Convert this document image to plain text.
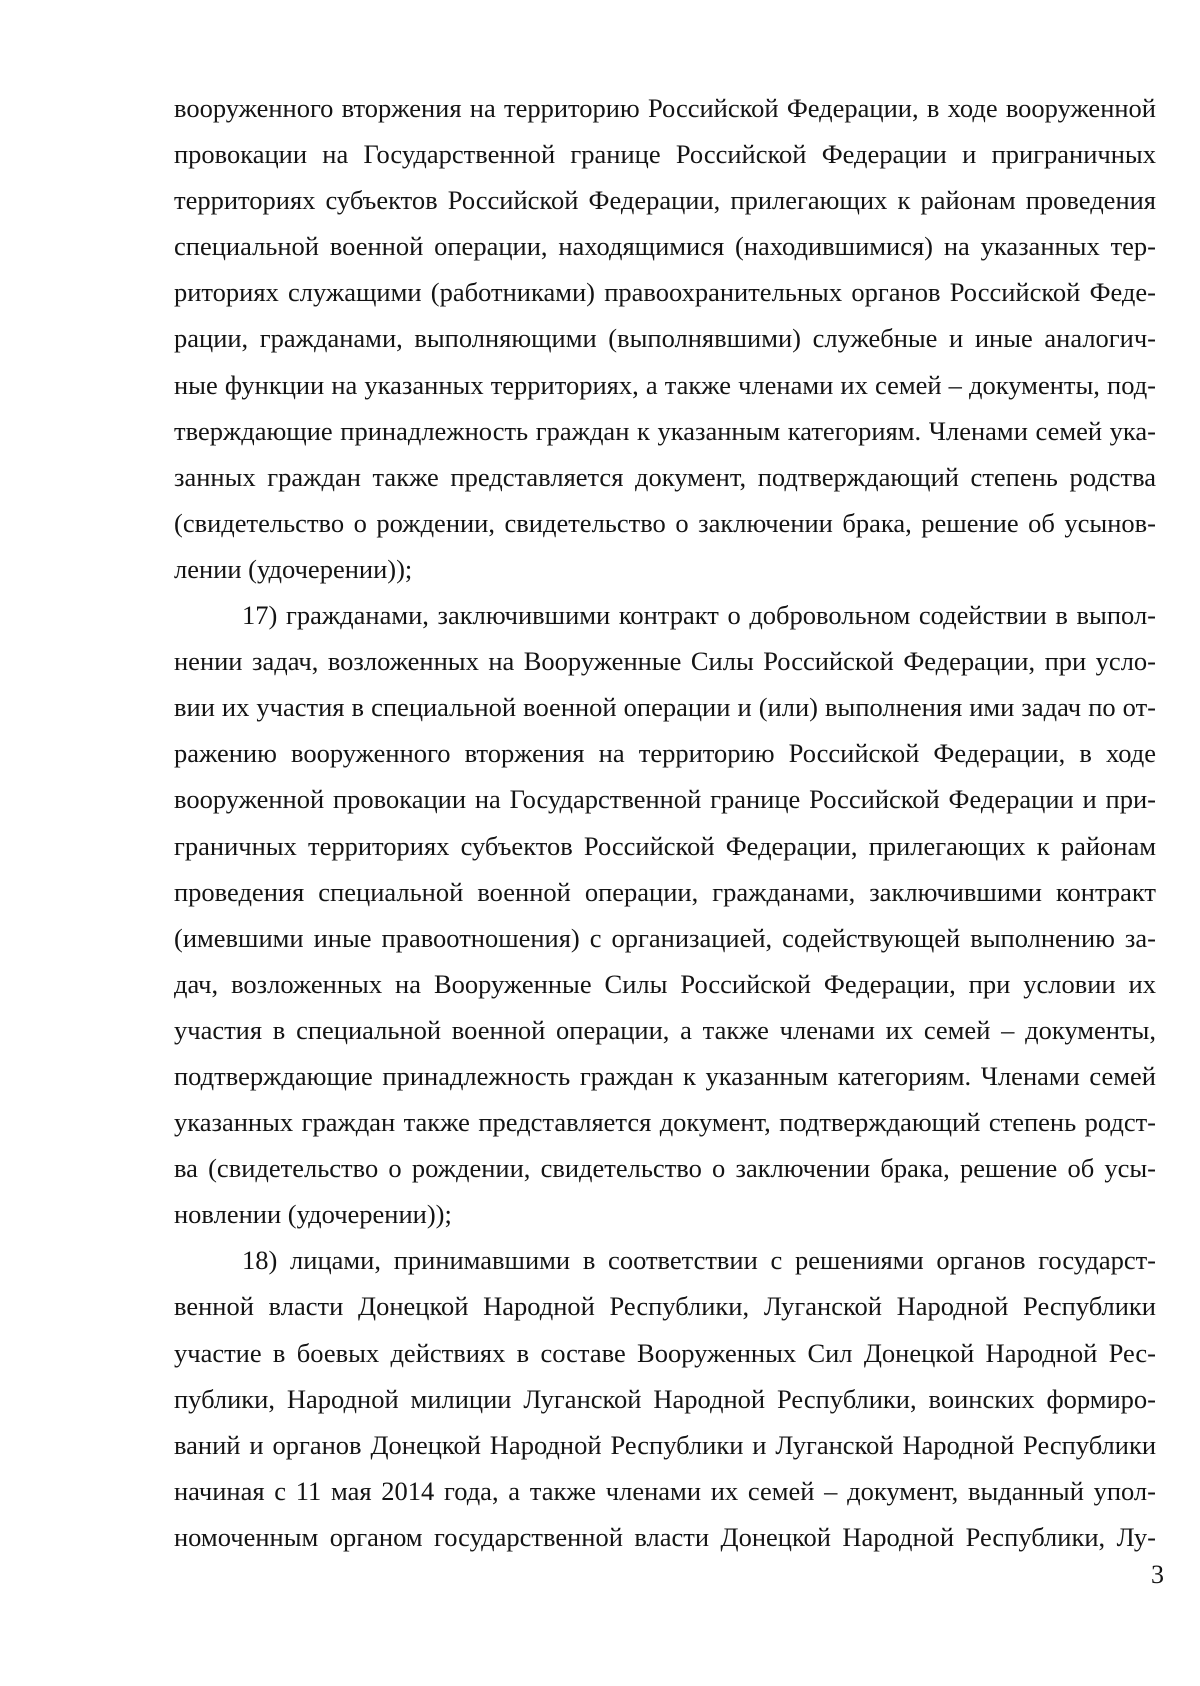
вооруженного вторжения на территорию Российской Федерации, в ходе вооруженной
провокации на Государственной границе Российской Федерации и приграничных
территориях субъектов Российской Федерации, прилегающих к районам проведения
специальной военной операции, находящимися (находившимися) на указанных тер-
риториях служащими (работниками) правоохранительных органов Российской Феде-
рации, гражданами, выполняющими (выполнявшими) служебные и иные аналогич-
ные функции на указанных территориях, а также членами их семей – документы, под-
тверждающие принадлежность граждан к указанным категориям. Членами семей ука-
занных граждан также представляется документ, подтверждающий степень родства
(свидетельство о рождении, свидетельство о заключении брака, решение об усынов-
лении (удочерении));
17) гражданами, заключившими контракт о добровольном содействии в выпол-
нении задач, возложенных на Вооруженные Силы Российской Федерации, при усло-
вии их участия в специальной военной операции и (или) выполнения ими задач по от-
ражению вооруженного вторжения на территорию Российской Федерации, в ходе
вооруженной провокации на Государственной границе Российской Федерации и при-
граничных территориях субъектов Российской Федерации, прилегающих к районам
проведения специальной военной операции, гражданами, заключившими контракт
(имевшими иные правоотношения) с организацией, содействующей выполнению за-
дач, возложенных на Вооруженные Силы Российской Федерации, при условии их
участия в специальной военной операции, а также членами их семей – документы,
подтверждающие принадлежность граждан к указанным категориям. Членами семей
указанных граждан также представляется документ, подтверждающий степень родст-
ва (свидетельство о рождении, свидетельство о заключении брака, решение об усы-
новлении (удочерении));
18) лицами, принимавшими в соответствии с решениями органов государст-
венной власти Донецкой Народной Республики, Луганской Народной Республики
участие в боевых действиях в составе Вооруженных Сил Донецкой Народной Рес-
публики, Народной милиции Луганской Народной Республики, воинских формиро-
ваний и органов Донецкой Народной Республики и Луганской Народной Республики
начиная с 11 мая 2014 года, а также членами их семей – документ, выданный упол-
номоченным органом государственной власти Донецкой Народной Республики, Лу-
3
